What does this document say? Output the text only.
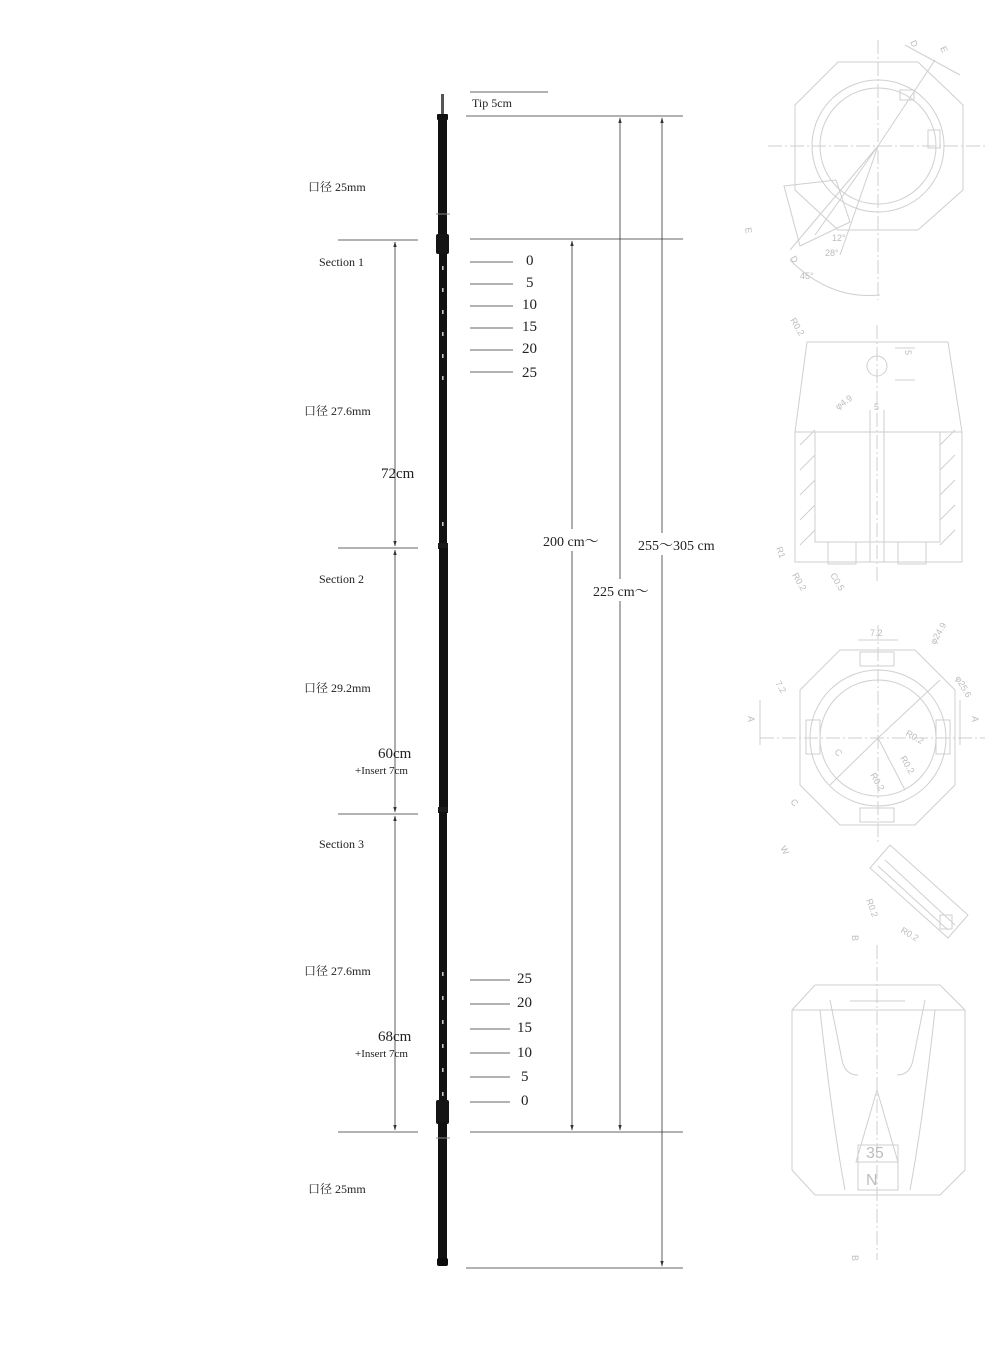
D
E
E
D
12°
28°
45°
R0.2
5
φ4.9 5
R1
R0.2 C0.5
7.2	φ24.9
φ25.6
7.2
A	A
C
C
R0.2
R0.2
R0.2
W
R0.2
R0.2
B
B
35
N
Tip 5cm
口径 25mm
Section 1
口径 27.6mm
72cm
Section 2
口径 29.2mm
60cm
+Insert 7cm
Section 3
口径 27.6mm
68cm
+Insert 7cm
口径 25mm
0
5
10
15
20
25
25
20
15
10
5
0
200 cm～
225 cm～
255～305 cm
